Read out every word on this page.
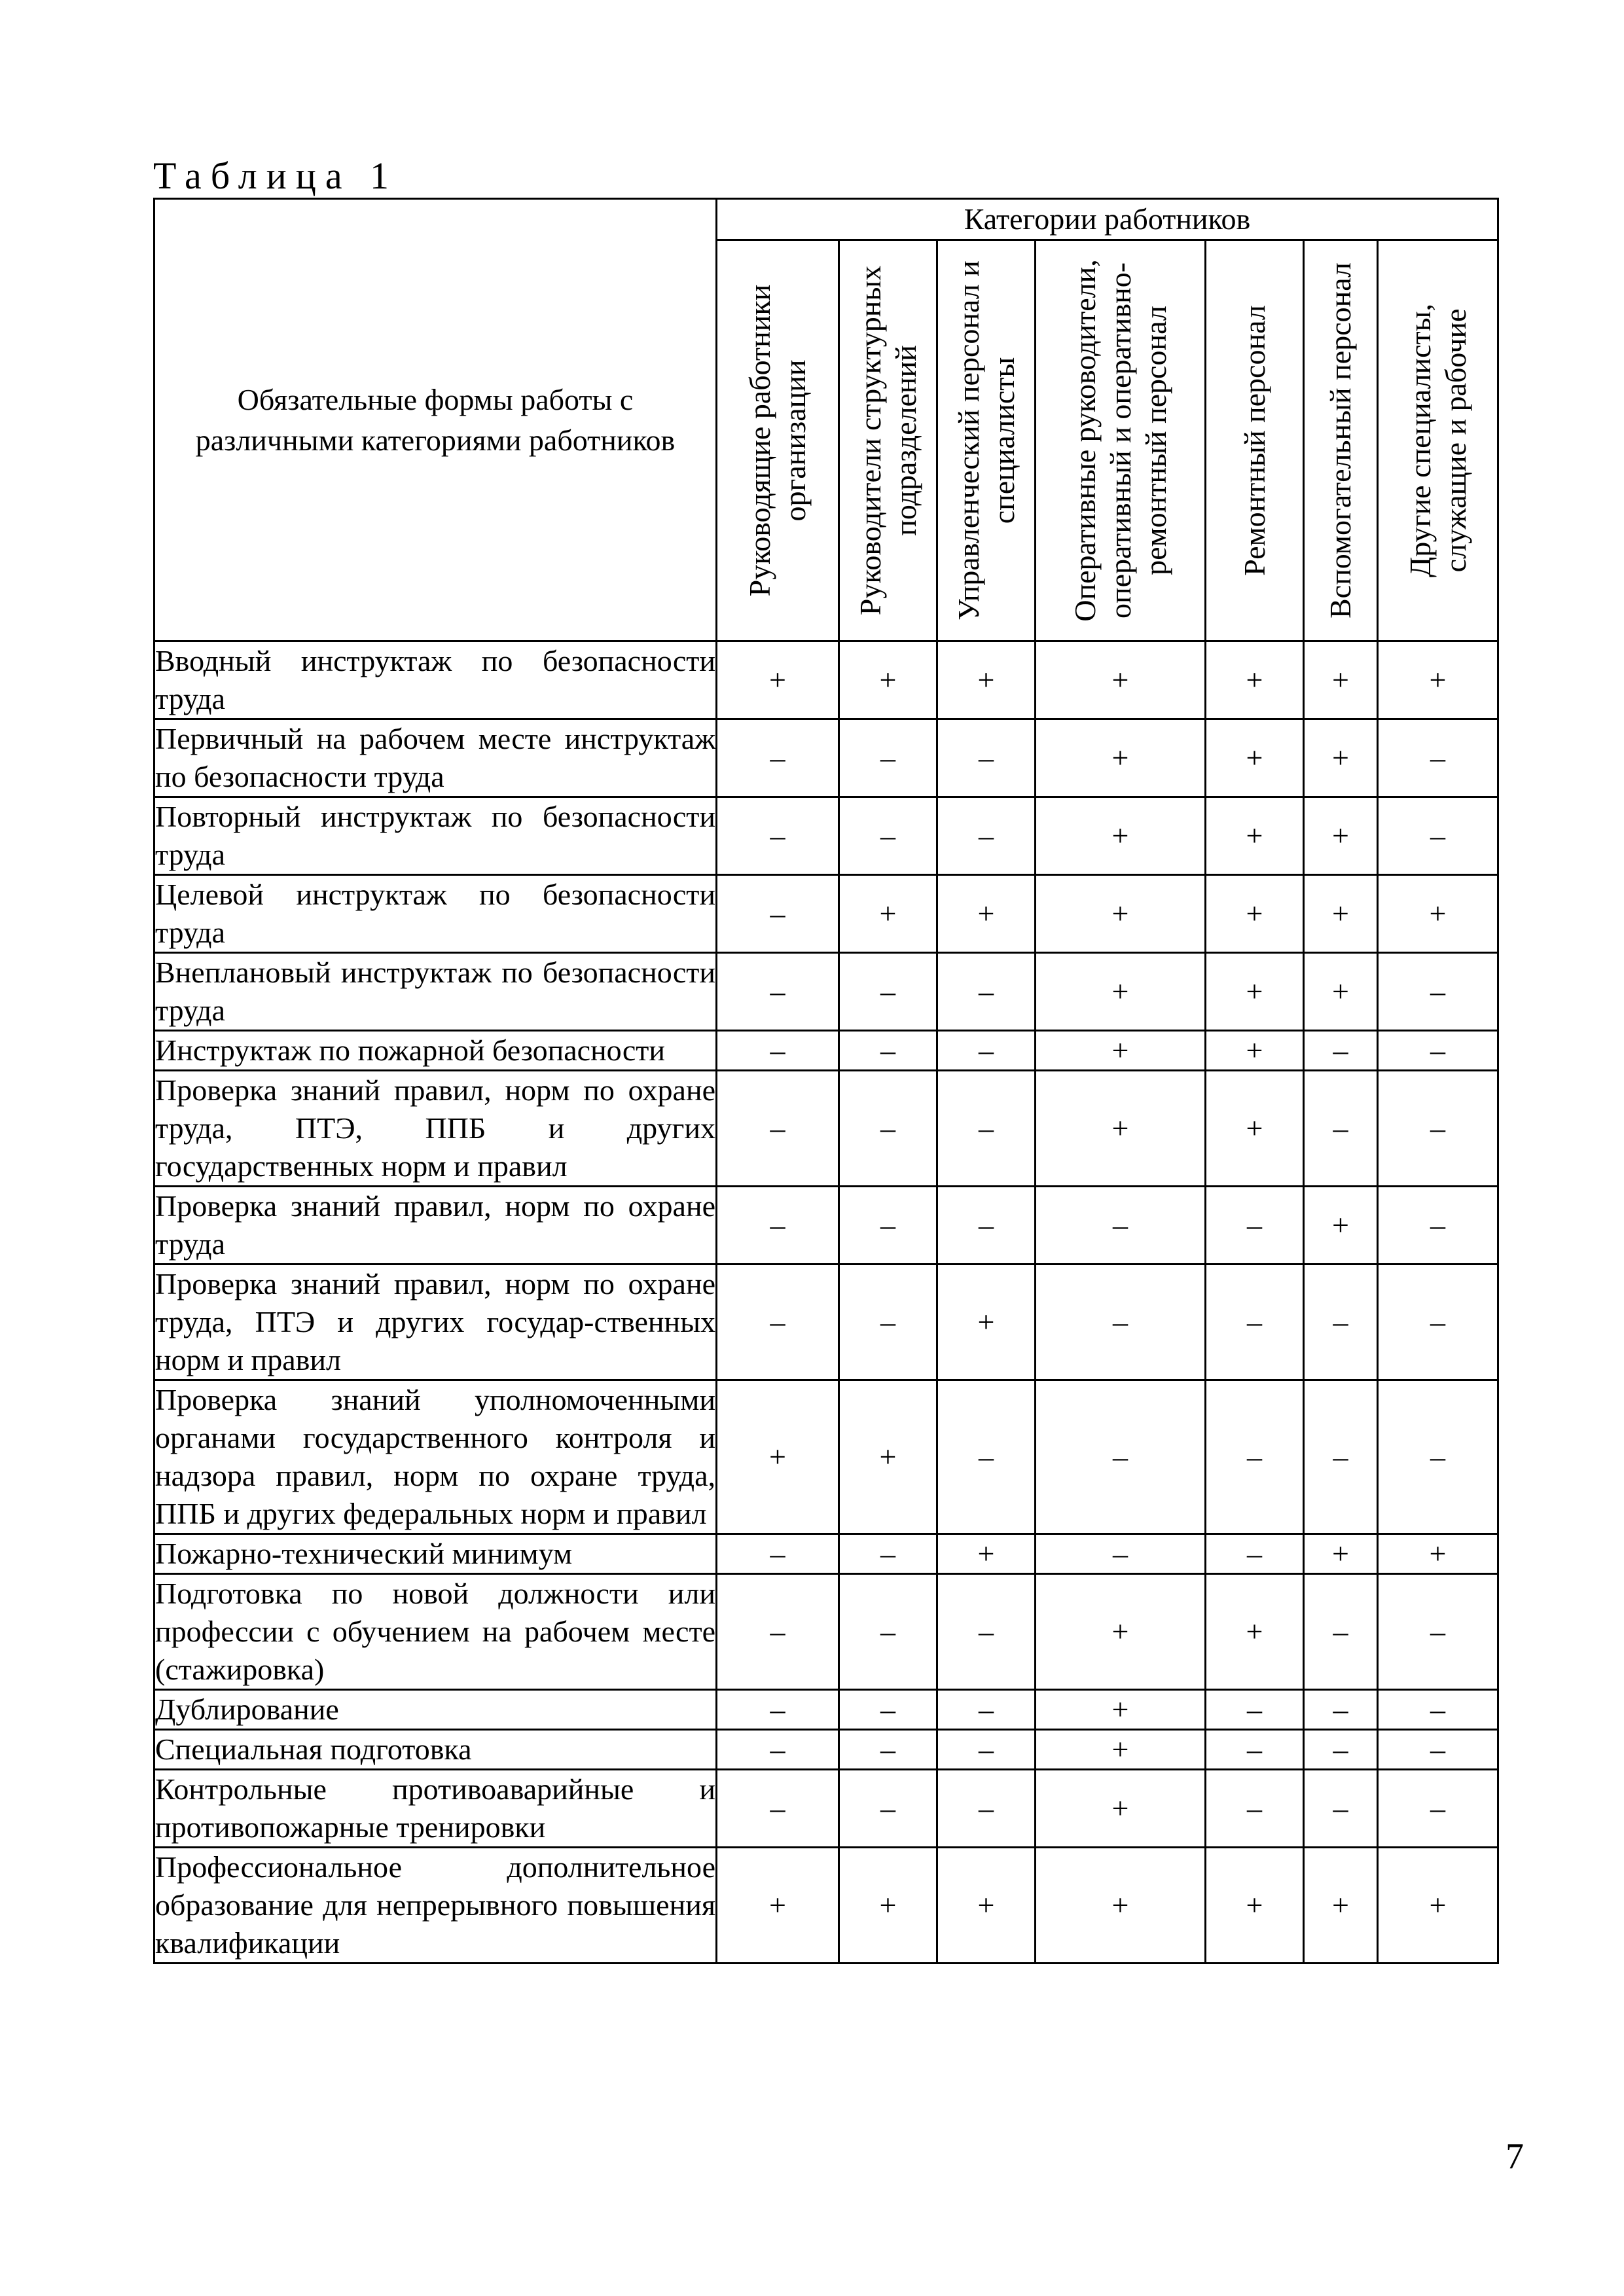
Таблица 1
Обязательные формы работы с различными категориями работников	Категории работников						

	Руководящие работники организации	Руководители структурных подразделений	Управленческий персонал и специалисты	Оперативные руководители, оперативный и оперативно-ремонтный персонал	Ремонтный персонал	Вспомогательный персонал	Другие специалисты, служащие и рабочие

Вводный инструктаж по безопасности труда	+	+	+	+	+	+	+
Первичный на рабочем месте инструктаж по безопасности труда	–	–	–	+	+	+	–
Повторный инструктаж по безопасности труда	–	–	–	+	+	+	–
Целевой инструктаж по безопасности труда	–	+	+	+	+	+	+
Внеплановый инструктаж по безопасности труда	–	–	–	+	+	+	–
Инструктаж по пожарной безопасности	–	–	–	+	+	–	–
Проверка знаний правил, норм по охране труда, ПТЭ, ППБ и других государственных норм и правил	–	–	–	+	+	–	–
Проверка знаний правил, норм по охране труда	–	–	–	–	–	+	–
Проверка знаний правил, норм по охране труда, ПТЭ и других государ-ственных норм и правил	–	–	+	–	–	–	–
Проверка знаний уполномоченными органами государственного контроля и надзора правил, норм по охране труда, ППБ и других федеральных норм и правил	+	+	–	–	–	–	–
Пожарно-технический минимум	–	–	+	–	–	+	+
Подготовка по новой должности или профессии с обучением на рабочем месте (стажировка)	–	–	–	+	+	–	–
Дублирование	–	–	–	+	–	–	–
Специальная подготовка	–	–	–	+	–	–	–
Контрольные противоаварийные и противопожарные тренировки	–	–	–	+	–	–	–
Профессиональное дополнительное образование для непрерывного повышения квалификации	+	+	+	+	+	+	+
7
